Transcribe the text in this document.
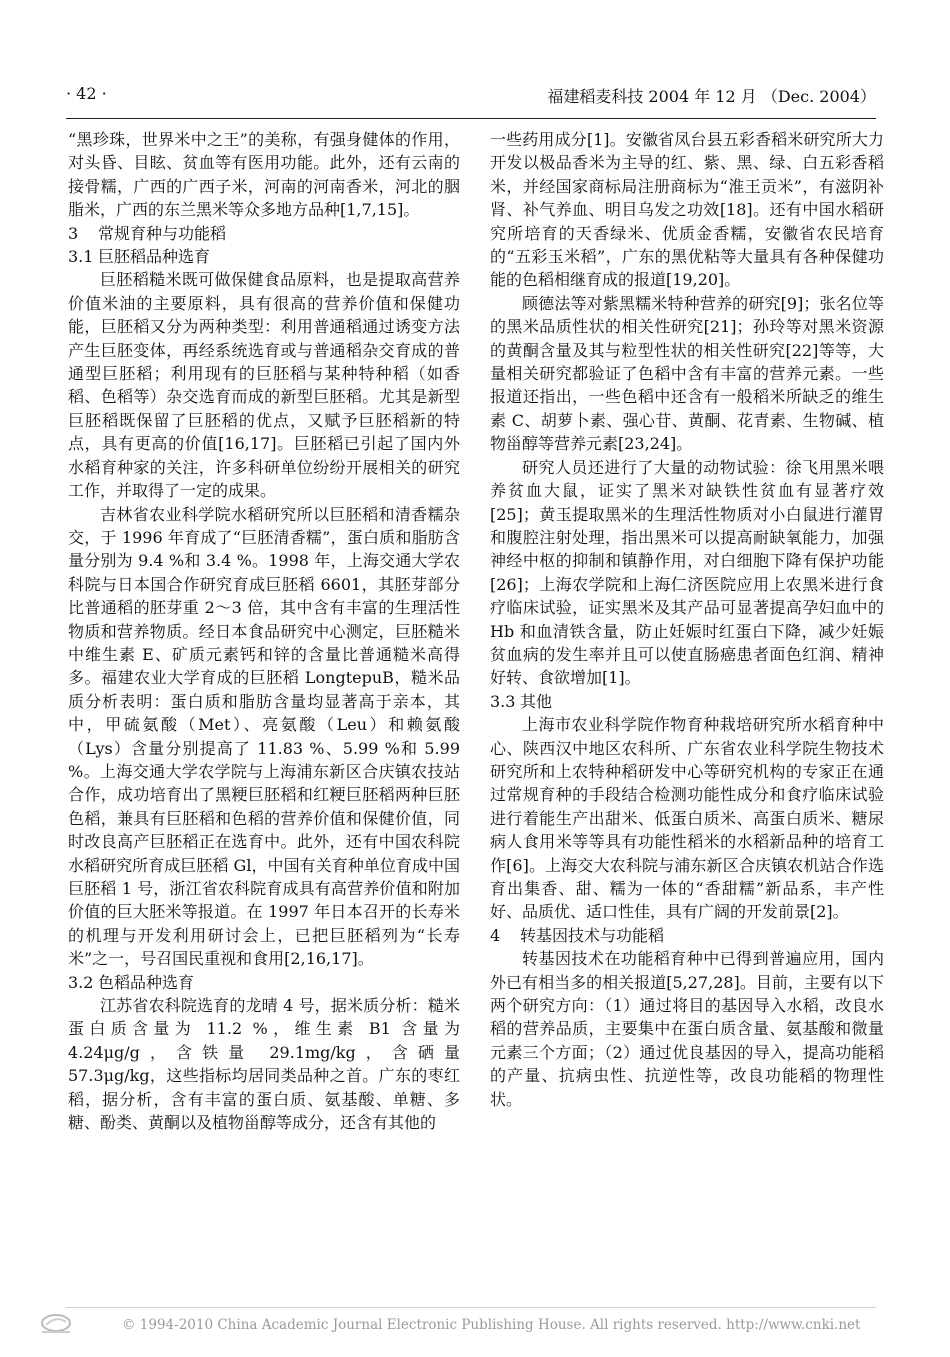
· 42 ·	福建稻麦科技 2004 年 12 月 （Dec. 2004）

“黑珍珠，世界米中之王”的美称，有强身健体的作用，对头昏、目眩、贫血等有医用功能。此外，还有云南的接骨糯，广西的广西子米，河南的河南香米，河北的胭脂米，广西的东兰黑米等众多地方品种[1,7,15]。

3 常规育种与功能稻
3.1 巨胚稻品种选育

巨胚稻糙米既可做保健食品原料，也是提取高营养价值米油的主要原料，具有很高的营养价值和保健功能，巨胚稻又分为两种类型：利用普通稻通过诱变方法产生巨胚变体，再经系统选育或与普通稻杂交育成的普通型巨胚稻；利用现有的巨胚稻与某种特种稻（如香稻、色稻等）杂交选育而成的新型巨胚稻。尤其是新型巨胚稻既保留了巨胚稻的优点，又赋予巨胚稻新的特点，具有更高的价值[16,17]。巨胚稻已引起了国内外水稻育种家的关注，许多科研单位纷纷开展相关的研究工作，并取得了一定的成果。

吉林省农业科学院水稻研究所以巨胚稻和清香糯杂交，于 1996 年育成了“巨胚清香糯”，蛋白质和脂肪含量分别为 9.4 %和 3.4 %。1998 年，上海交通大学农科院与日本国合作研究育成巨胚稻 6601，其胚芽部分比普通稻的胚芽重 2～3 倍，其中含有丰富的生理活性物质和营养物质。经日本食品研究中心测定，巨胚糙米中维生素 E、矿质元素钙和锌的含量比普通糙米高得多。福建农业大学育成的巨胚稻 LongtepuB，糙米品质分析表明：蛋白质和脂肪含量均显著高于亲本，其中，甲硫氨酸（Met）、亮氨酸（Leu）和赖氨酸（Lys）含量分别提高了 11.83 %、5.99 %和 5.99 %。上海交通大学农学院与上海浦东新区合庆镇农技站合作，成功培育出了黑粳巨胚稻和红粳巨胚稻两种巨胚色稻，兼具有巨胚稻和色稻的营养价值和保健价值，同时改良高产巨胚稻正在选育中。此外，还有中国农科院水稻研究所育成巨胚稻 Gl，中国有关育种单位育成中国巨胚稻 1 号，浙江省农科院育成具有高营养价值和附加价值的巨大胚米等报道。在 1997 年日本召开的长寿米的机理与开发利用研讨会上，已把巨胚稻列为“长寿米”之一，号召国民重视和食用[2,16,17]。

3.2 色稻品种选育

江苏省农科院选育的龙晴 4 号，据米质分析：糙米蛋白质含量为 11.2 %，维生素 B1 含量为 4.24μg/g，含铁量 29.1mg/kg，含硒量 57.3μg/kg，这些指标均居同类品种之首。广东的枣红稻，据分析，含有丰富的蛋白质、氨基酸、单糖、多糖、酚类、黄酮以及植物甾醇等成分，还含有其他的

一些药用成分[1]。安徽省凤台县五彩香稻米研究所大力开发以极品香米为主导的红、紫、黑、绿、白五彩香稻米，并经国家商标局注册商标为“淮王贡米”，有滋阴补肾、补气养血、明目乌发之功效[18]。还有中国水稻研究所培育的天香绿米、优质金香糯，安徽省农民培育的“五彩玉米稻”，广东的黑优粘等大量具有各种保健功能的色稻相继育成的报道[19,20]。

顾德法等对紫黑糯米特种营养的研究[9]；张名位等的黑米品质性状的相关性研究[21]；孙玲等对黑米资源的黄酮含量及其与粒型性状的相关性研究[22]等等，大量相关研究都验证了色稻中含有丰富的营养元素。一些报道还指出，一些色稻中还含有一般稻米所缺乏的维生素 C、胡萝卜素、强心苷、黄酮、花青素、生物碱、植物甾醇等营养元素[23,24]。

研究人员还进行了大量的动物试验：徐飞用黑米喂养贫血大鼠，证实了黑米对缺铁性贫血有显著疗效[25]；黄玉提取黑米的生理活性物质对小白鼠进行灌胃和腹腔注射处理，指出黑米可以提高耐缺氧能力，加强神经中枢的抑制和镇静作用，对白细胞下降有保护功能[26]；上海农学院和上海仁济医院应用上农黑米进行食疗临床试验，证实黑米及其产品可显著提高孕妇血中的 Hb 和血清铁含量，防止妊娠时红蛋白下降，减少妊娠贫血病的发生率并且可以使直肠癌患者面色红润、精神好转、食欲增加[1]。

3.3 其他

上海市农业科学院作物育种栽培研究所水稻育种中心、陕西汉中地区农科所、广东省农业科学院生物技术研究所和上农特种稻研发中心等研究机构的专家正在通过常规育种的手段结合检测功能性成分和食疗临床试验进行着能生产出甜米、低蛋白质米、高蛋白质米、糖尿病人食用米等等具有功能性稻米的水稻新品种的培育工作[6]。上海交大农科院与浦东新区合庆镇农机站合作选育出集香、甜、糯为一体的“香甜糯”新品系，丰产性好、品质优、适口性佳，具有广阔的开发前景[2]。

4 转基因技术与功能稻

转基因技术在功能稻育种中已得到普遍应用，国内外已有相当多的相关报道[5,27,28]。目前，主要有以下两个研究方向：（1）通过将目的基因导入水稻，改良水稻的营养品质，主要集中在蛋白质含量、氨基酸和微量元素三个方面；（2）通过优良基因的导入，提高功能稻的产量、抗病虫性、抗逆性等，改良功能稻的物理性状。

© 1994-2010 China Academic Journal Electronic Publishing House. All rights reserved. http://www.cnki.net
